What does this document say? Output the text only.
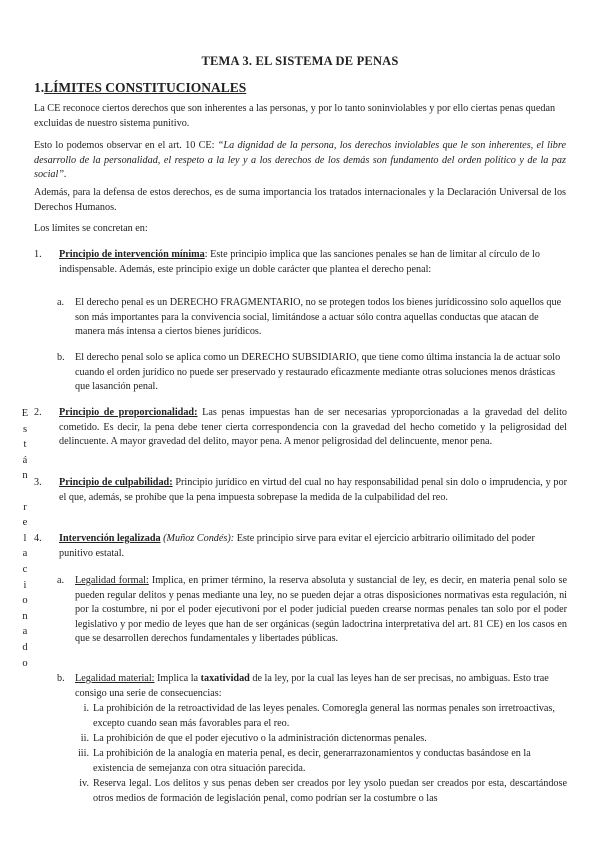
TEMA 3. EL SISTEMA DE PENAS
1.LÍMITES CONSTITUCIONALES
La CE reconoce ciertos derechos que son inherentes a las personas, y por lo tanto soninviolables y por ello ciertas penas quedan excluidas de nuestro sistema punitivo.
Esto lo podemos observar en el art. 10 CE: “La dignidad de la persona, los derechos inviolables que le son inherentes, el libre desarrollo de la personalidad, el respeto a la ley y a los derechos de los demás son fundamento del orden político y de la paz social”.
Además, para la defensa de estos derechos, es de suma importancia los tratados internacionales y la Declaración Universal de los Derechos Humanos.
Los límites se concretan en:
1. Principio de intervención mínima: Este principio implica que las sanciones penales se han de limitar al círculo de lo indispensable. Además, este principio exige un doble carácter que plantea el derecho penal:
a. El derecho penal es un DERECHO FRAGMENTARIO, no se protegen todos los bienes jurídicossino solo aquellos que son más importantes para la convivencia social, limitándose a actuar sólo contra aquellas conductas que atacan de manera más intensa a ciertos bienes jurídicos.
b. El derecho penal solo se aplica como un DERECHO SUBSIDIARIO, que tiene como última instancia la de actuar solo cuando el orden jurídico no puede ser preservado y restaurado eficazmente mediante otras soluciones menos drásticas que lasanción penal.
2. Principio de proporcionalidad: Las penas impuestas han de ser necesarias yproporcionadas a la gravedad del delito cometido. Es decir, la pena debe tener cierta correspondencia con la gravedad del hecho cometido y la peligrosidad del delincuente. A mayor gravedad del delito, mayor pena. A menor peligrosidad del delincuente, menor pena.
3. Principio de culpabilidad: Principio jurídico en virtud del cual no hay responsabilidad penal sin dolo o imprudencia, y por el que, además, se prohíbe que la pena impuesta sobrepase la medida de la culpabilidad del reo.
4. Intervención legalizada (Muñoz Condés): Este principio sirve para evitar el ejercicio arbitrario oilimitado del poder punitivo estatal.
a. Legalidad formal: Implica, en primer término, la reserva absoluta y sustancial de ley, es decir, en materia penal solo se pueden regular delitos y penas mediante una ley, no se pueden dejar a otras disposiciones normativas esta regulación, ni por la costumbre, ni por el poder ejecutivoni por el poder judicial pueden crearse normas penales tan solo por el poder legislativo y por medio de leyes que han de ser orgánicas (según ladoctrina interpretativa del art. 81 CE) en los casos en que se desarrollen derechos fundamentales y libertades públicas.
b. Legalidad material: Implica la taxatividad de la ley, por la cual las leyes han de ser precisas, no ambiguas. Esto trae consigo una serie de consecuencias:
i. La prohibición de la retroactividad de las leyes penales. Comoregla general las normas penales son irretroactivas, excepto cuando sean más favorables para el reo.
ii. La prohibición de que el poder ejecutivo o la administración dictenormas penales.
iii. La prohibición de la analogía en materia penal, es decir, generarrazonamientos y conductas basándose en la existencia de semejanza con otra situación parecida.
iv. Reserva legal. Los delitos y sus penas deben ser creados por ley ysolo puedan ser creados por esta, descartándose otros medios de formación de legislación penal, como podrían ser la costumbre o las
E
s
t
á
n
r
e
l
a
c
i
o
n
a
d
o
